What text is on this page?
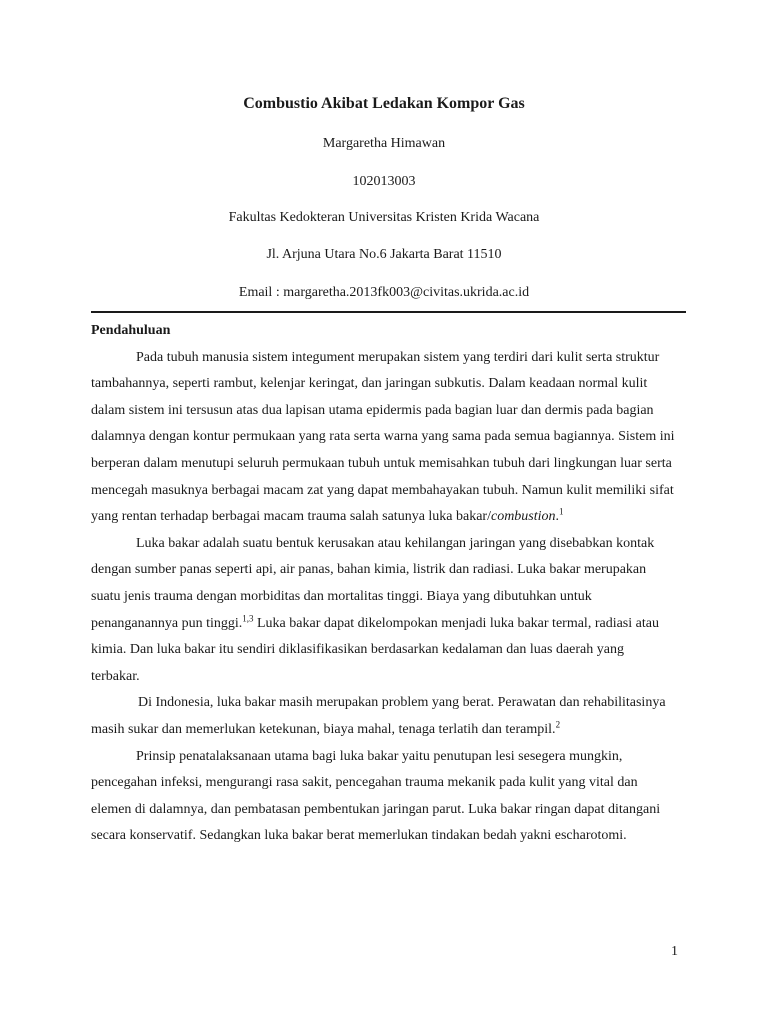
Combustio Akibat Ledakan Kompor Gas

Margaretha Himawan

102013003

Fakultas Kedokteran Universitas Kristen Krida Wacana

Jl. Arjuna Utara No.6 Jakarta Barat 11510

Email : margaretha.2013fk003@civitas.ukrida.ac.id

Pendahuluan

Pada tubuh manusia sistem integument merupakan sistem yang terdiri dari kulit serta struktur tambahannya, seperti rambut, kelenjar keringat, dan jaringan subkutis. Dalam keadaan normal kulit dalam sistem ini tersusun atas dua lapisan utama epidermis pada bagian luar dan dermis pada bagian dalamnya dengan kontur permukaan yang rata serta warna yang sama pada semua bagiannya. Sistem ini berperan dalam menutupi seluruh permukaan tubuh untuk memisahkan tubuh dari lingkungan luar serta mencegah masuknya berbagai macam zat yang dapat membahayakan tubuh. Namun kulit memiliki sifat yang rentan terhadap berbagai macam trauma salah satunya luka bakar/combustion.$^1$

Luka bakar adalah suatu bentuk kerusakan atau kehilangan jaringan yang disebabkan kontak dengan sumber panas seperti api, air panas, bahan kimia, listrik dan radiasi. Luka bakar merupakan suatu jenis trauma dengan morbiditas dan mortalitas tinggi. Biaya yang dibutuhkan untuk penanganannya pun tinggi.$^{1,3}$ Luka bakar dapat dikelompokan menjadi luka bakar termal, radiasi atau kimia. Dan luka bakar itu sendiri diklasifikasikan berdasarkan kedalaman dan luas daerah yang terbakar.

Di Indonesia, luka bakar masih merupakan problem yang berat. Perawatan dan rehabilitasinya masih sukar dan memerlukan ketekunan, biaya mahal, tenaga terlatih dan terampil.$^2$

Prinsip penatalaksanaan utama bagi luka bakar yaitu penutupan lesi sesegera mungkin, pencegahan infeksi, mengurangi rasa sakit, pencegahan trauma mekanik pada kulit yang vital dan elemen di dalamnya, dan pembatasan pembentukan jaringan parut. Luka bakar ringan dapat ditangani secara konservatif. Sedangkan luka bakar berat memerlukan tindakan bedah yakni escharotomi.

1
